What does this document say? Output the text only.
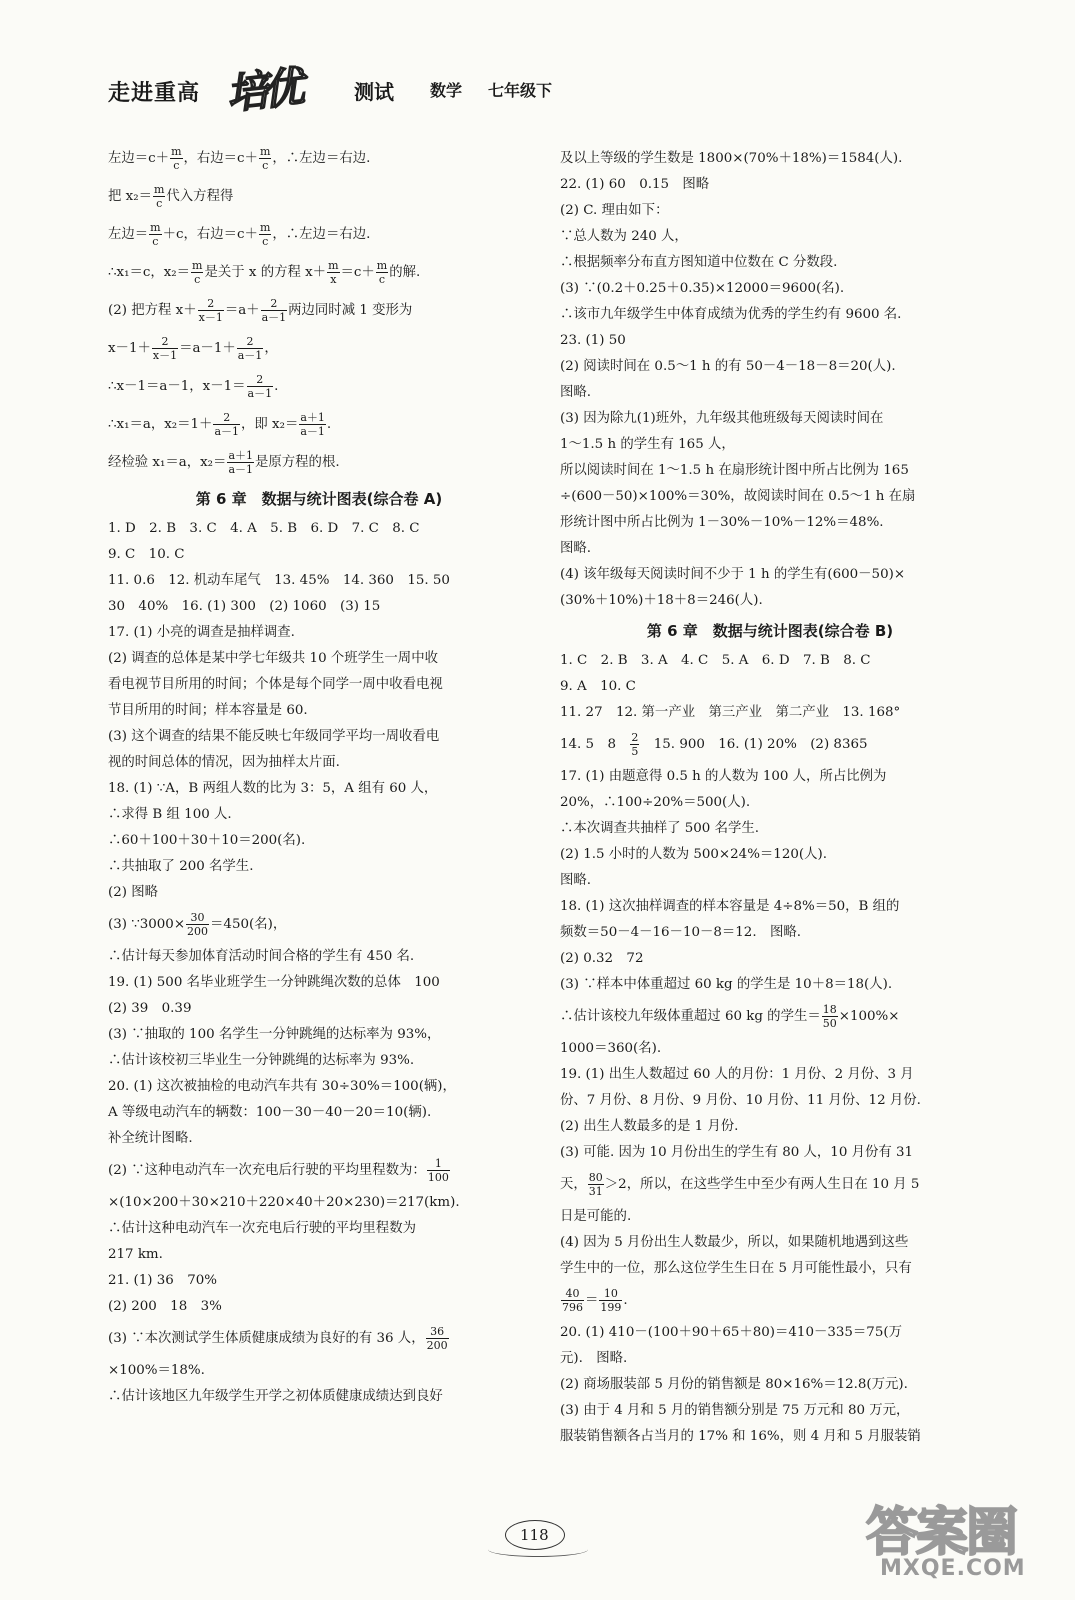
走进重高 培优	测试 数学 七年级下
左边$=c+ \frac{m}{c}$ ，右边$=c+ \frac{m}{c}$ ，∴左边＝右边.
把 $x_2= \frac{m}{c}$ 代入方程得
左边＝ $\frac{m}{c} +c$，右边$=c+ \frac{m}{c}$ ，∴左边＝右边.
∴x₁＝c，$x_2= \frac{m}{c}$ 是关于 x 的方程 $x+ \frac{m}{x} =c+ \frac{m}{c}$ 的解.
(2) 把方程 $x+ \frac{2}{x-1} =a+ \frac{2}{a-1}$ 两边同时减 1 变形为
$x-1+ \frac{2}{x-1} =a-1+ \frac{2}{a-1}$ ，
∴x－1＝a－1，$x-1= \frac{2}{a-1}$ .
∴x₁＝a，$x_2=1+ \frac{2}{a-1}$ ，即 $x_2= \frac{a+1}{a-1}$ .
经检验 x₁＝a，$x_2= \frac{a+1}{a-1}$ 是原方程的根.
第 6 章　数据与统计图表(综合卷 A)
1. D　2. B　3. C　4. A　5. B　6. D　7. C　8. C
9. C　10. C
11. 0.6　12. 机动车尾气　13. 45%　14. 360　15. 50
30　40%　16. (1) 300　(2) 1060　(3) 15
17. (1) 小亮的调查是抽样调查.
(2) 调查的总体是某中学七年级共 10 个班学生一周中收
看电视节目所用的时间；个体是每个同学一周中收看电视
节目所用的时间；样本容量是 60.
(3) 这个调查的结果不能反映七年级同学平均一周收看电
视的时间总体的情况，因为抽样太片面.
18. (1) ∵A，B 两组人数的比为 3：5，A 组有 60 人，
∴求得 B 组 100 人.
∴60＋100＋30＋10＝200(名).
∴共抽取了 200 名学生.
(2) 图略
(3) ∵3000× $\frac{30}{200} =450$(名)，
∴估计每天参加体育活动时间合格的学生有 450 名.
19. (1) 500 名毕业班学生一分钟跳绳次数的总体　100
(2) 39　0.39
(3) ∵抽取的 100 名学生一分钟跳绳的达标率为 93%，
∴估计该校初三毕业生一分钟跳绳的达标率为 93%.
20. (1) 这次被抽检的电动汽车共有 30÷30%＝100(辆)，
A 等级电动汽车的辆数：100－30－40－20＝10(辆).
补全统计图略.
(2) ∵这种电动汽车一次充电后行驶的平均里程数为： $\frac{1}{100}$
×(10×200＋30×210＋220×40＋20×230)＝217(km).
∴估计这种电动汽车一次充电后行驶的平均里程数为
217 km.
21. (1) 36　70%
(2) 200　18　3%
(3) ∵本次测试学生体质健康成绩为良好的有 36 人， $\frac{36}{200}$
×100%＝18%.
∴估计该地区九年级学生开学之初体质健康成绩达到良好
及以上等级的学生数是 1800×(70%＋18%)＝1584(人).
22. (1) 60　0.15　图略
(2) C. 理由如下：
∵总人数为 240 人，
∴根据频率分布直方图知道中位数在 C 分数段.
(3) ∵(0.2＋0.25＋0.35)×12000＝9600(名).
∴该市九年级学生中体育成绩为优秀的学生约有 9600 名.
23. (1) 50
(2) 阅读时间在 0.5～1 h 的有 50－4－18－8＝20(人).
图略.
(3) 因为除九(1)班外，九年级其他班级每天阅读时间在
1～1.5 h 的学生有 165 人，
所以阅读时间在 1～1.5 h 在扇形统计图中所占比例为 165
÷(600－50)×100%＝30%，故阅读时间在 0.5～1 h 在扇
形统计图中所占比例为 1－30%－10%－12%＝48%.
图略.
(4) 该年级每天阅读时间不少于 1 h 的学生有(600－50)×
(30%＋10%)＋18＋8＝246(人).
第 6 章　数据与统计图表(综合卷 B)
1. C　2. B　3. A　4. C　5. A　6. D　7. B　8. C
9. A　10. C
11. 27　12. 第一产业　第三产业　第二产业　13. 168°
14. 5　8　 $\frac{2}{5}$ 　15. 900　16. (1) 20%　(2) 8365
17. (1) 由题意得 0.5 h 的人数为 100 人，所占比例为
20%，∴100÷20%＝500(人).
∴本次调查共抽样了 500 名学生.
(2) 1.5 小时的人数为 500×24%＝120(人).
图略.
18. (1) 这次抽样调查的样本容量是 4÷8%＝50，B 组的
频数＝50－4－16－10－8＝12.　图略.
(2) 0.32　72
(3) ∵样本中体重超过 60 kg 的学生是 10＋8＝18(人).
∴估计该校九年级体重超过 60 kg 的学生＝ $\frac{18}{50} \times 100\%\times$
1000＝360(名).
19. (1) 出生人数超过 60 人的月份：1 月份、2 月份、3 月
份、7 月份、8 月份、9 月份、10 月份、11 月份、12 月份.
(2) 出生人数最多的是 1 月份.
(3) 可能. 因为 10 月份出生的学生有 80 人，10 月份有 31
天， $\frac{80}{31} >2$，所以，在这些学生中至少有两人生日在 10 月 5
日是可能的.
(4) 因为 5 月份出生人数最少，所以，如果随机地遇到这些
学生中的一位，那么这位学生生日在 5 月可能性最小，只有
$\frac{40}{796} = \frac{10}{199}$ .
20. (1) 410－(100＋90＋65＋80)＝410－335＝75(万
元).　图略.
(2) 商场服装部 5 月份的销售额是 80×16%＝12.8(万元).
(3) 由于 4 月和 5 月的销售额分别是 75 万元和 80 万元，
服装销售额各占当月的 17% 和 16%，则 4 月和 5 月服装销
118	答案圈
MXQE.COM
